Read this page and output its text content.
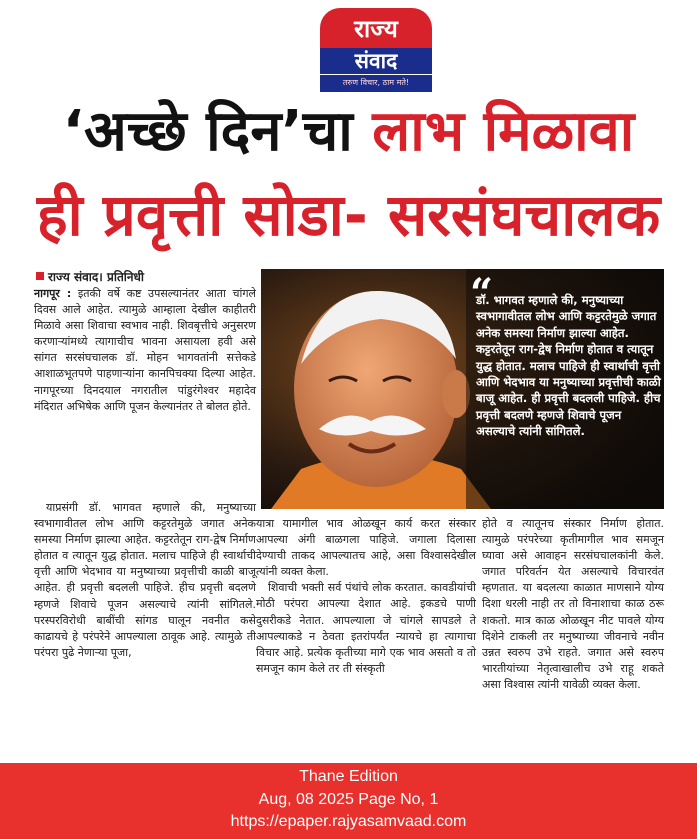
राज्य
संवाद
तरुण विचार, ठाम मते!
‘अच्छे दिन’चा लाभ मिळावा
ही प्रवृत्ती सोडा- सरसंघचालक
राज्य संवाद। प्रतिनिधी

नागपूर : इतकी वर्षे कष्ट उपसल्यानंतर आता चांगले दिवस आले आहेत. त्यामुळे आम्हाला देखील काहीतरी मिळावे असा शिवाचा स्वभाव नाही. शिवबृत्तीचे अनुसरण करणाऱ्यांमध्ये त्यागाचीच भावना असायला हवी असे सांगत सरसंघचालक डॉ. मोहन भागवतांनी सत्तेकडे आशाळभूतपणे पाहणाऱ्यांना कानपिचक्या दिल्या आहेत. नागपूरच्या दिनदयाल नगरातील पांडुरंगेश्वर महादेव मंदिरात अभिषेक आणि पूजन केल्यानंतर ते बोलत होते.

याप्रसंगी डॉ. भागवत म्हणाले की, मनुष्याच्या स्वभागावीतल लोभ आणि कट्टरतेमुळे जगात अनेक समस्या निर्माण झाल्या आहेत. कट्टरतेतून राग-द्वेष निर्माण होतात व त्यातून युद्ध होतात. मलाच पाहिजे ही स्वार्थाची वृत्ती आणि भेदभाव या मनुष्याच्या प्रवृत्तीची काळी बाजू आहेत. ही प्रवृत्ती बदलली पाहिजे. हीच प्रवृत्ती बदलणे म्हणजे शिवाचे पूजन असल्याचे त्यांनी सांगितले. परस्परविरोधी बाबींची सांगड घालून नवनीत कसे काढायचे हे परंपरेने आपल्याला ठावूक आहे. त्यामुळे ती परंपरा पुढे नेणाऱ्या पूजा,

“
डॉ. भागवत म्हणाले की, मनुष्याच्या स्वभागावीतल लोभ आणि कट्टरतेमुळे जगात अनेक समस्या निर्माण झाल्या आहेत. कट्टरतेतून राग-द्वेष निर्माण होतात व त्यातून युद्ध होतात. मलाच पाहिजे ही स्वार्थाची वृत्ती आणि भेदभाव या मनुष्याच्या प्रवृत्तीची काळी बाजू आहेत. ही प्रवृत्ती बदलली पाहिजे. हीच प्रवृत्ती बदलणे म्हणजे शिवाचे पूजन असल्याचे त्यांनी सांगितले.

यात्रा यामागील भाव ओळखून कार्य करत संस्कार आपल्या अंगी बाळगला पाहिजे. जगाला दिलासा देण्याची ताकद आपल्यातच आहे, असा विश्वासदेखील त्यांनी व्यक्त केला.

शिवाची भक्ती सर्व पंथांचे लोक करतात. कावडीयांची मोठी परंपरा आपल्या देशात आहे. इकडचे पाणी दुसरीकडे नेतात. आपल्याला जे चांगले सापडले ते आपल्याकडे न ठेवता इतरांपर्यंत न्यायचे हा त्यागाचा विचार आहे. प्रत्येक कृतीच्या मागे एक भाव असतो व तो समजून काम केले तर ती संस्कृती

होते व त्यातूनच संस्कार निर्माण होतात. त्यामुळे परंपरेच्या कृतीमागील भाव समजून घ्यावा असे आवाहन सरसंघचालकांनी केले. जगात परिवर्तन येत असल्याचे विचारवंत म्हणतात. या बदलत्या काळात माणसाने योग्य दिशा धरली नाही तर तो विनाशाचा काळ ठरू शकतो. मात्र काळ ओळखून नीट पावले योग्य दिशेने टाकली तर मनुष्याच्या जीवनाचे नवीन उन्नत स्वरुप उभे राहते. जगात असे स्वरुप भारतीयांच्या नेतृत्वाखालीच उभे राहू शकते असा विश्वास त्यांनी यावेळी व्यक्त केला.

Thane Edition
Aug, 08 2025 Page No, 1
https://epaper.rajyasamvaad.com
